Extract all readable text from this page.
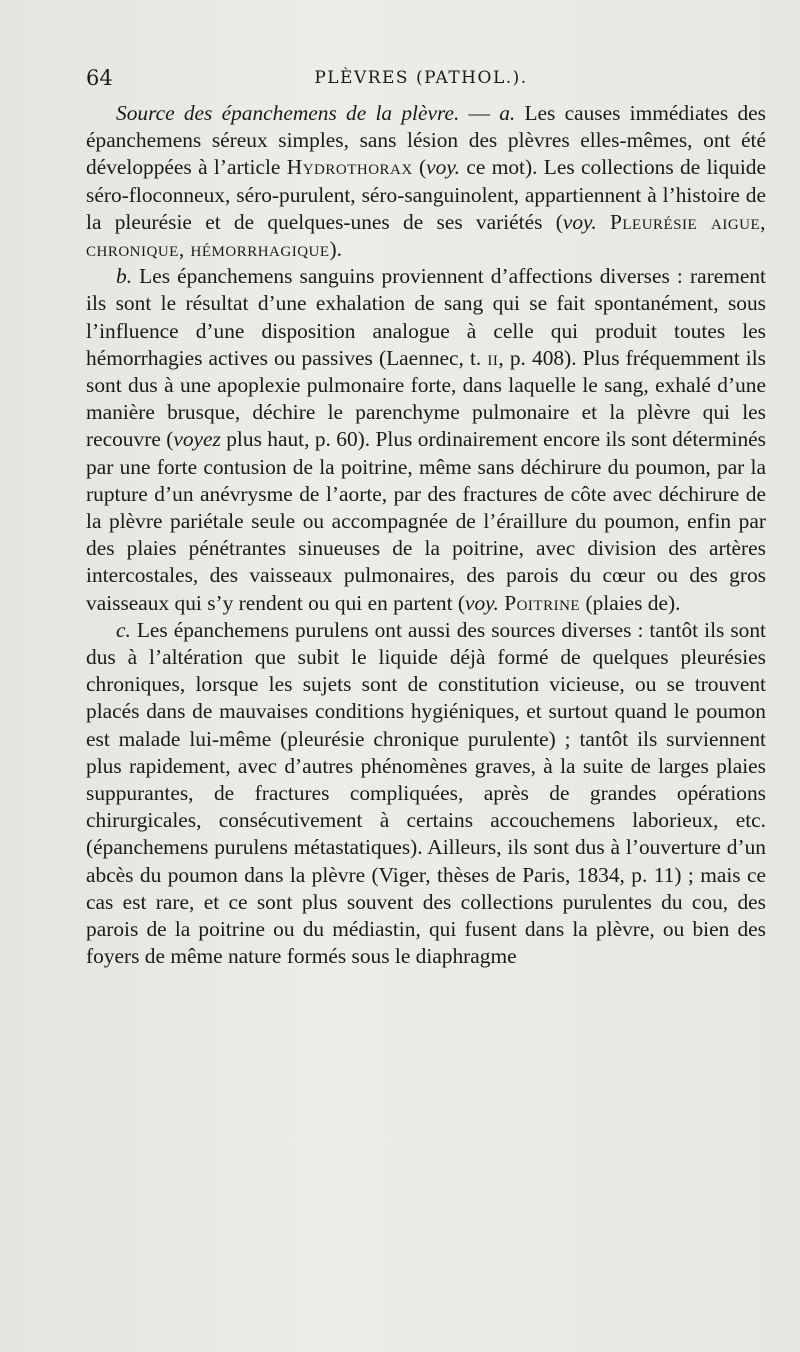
64	PLÈVRES (PATHOL.).

Source des épanchemens de la plèvre. — a. Les causes immédiates des épanchemens séreux simples, sans lésion des plèvres elles-mêmes, ont été développées à l’article Hydrothorax (voy. ce mot). Les collections de liquide séro-floconneux, séro-purulent, séro-sanguinolent, appartiennent à l’histoire de la pleurésie et de quelques-unes de ses variétés (voy. Pleurésie aigue, chronique, hémorrhagique).

b. Les épanchemens sanguins proviennent d’affections diverses : rarement ils sont le résultat d’une exhalation de sang qui se fait spontanément, sous l’influence d’une disposition analogue à celle qui produit toutes les hémorrhagies actives ou passives (Laennec, t. ii, p. 408). Plus fréquemment ils sont dus à une apoplexie pulmonaire forte, dans laquelle le sang, exhalé d’une manière brusque, déchire le parenchyme pulmonaire et la plèvre qui les recouvre (voyez plus haut, p. 60). Plus ordinairement encore ils sont déterminés par une forte contusion de la poitrine, même sans déchirure du poumon, par la rupture d’un anévrysme de l’aorte, par des fractures de côte avec déchirure de la plèvre pariétale seule ou accompagnée de l’éraillure du poumon, enfin par des plaies pénétrantes sinueuses de la poitrine, avec division des artères intercostales, des vaisseaux pulmonaires, des parois du cœur ou des gros vaisseaux qui s’y rendent ou qui en partent (voy. Poitrine (plaies de).

c. Les épanchemens purulens ont aussi des sources diverses : tantôt ils sont dus à l’altération que subit le liquide déjà formé de quelques pleurésies chroniques, lorsque les sujets sont de constitution vicieuse, ou se trouvent placés dans de mauvaises conditions hygiéniques, et surtout quand le poumon est malade lui-même (pleurésie chronique purulente) ; tantôt ils surviennent plus rapidement, avec d’autres phénomènes graves, à la suite de larges plaies suppurantes, de fractures compliquées, après de grandes opérations chirurgicales, consécutivement à certains accouchemens laborieux, etc. (épanchemens purulens métastatiques). Ailleurs, ils sont dus à l’ouverture d’un abcès du poumon dans la plèvre (Viger, thèses de Paris, 1834, p. 11) ; mais ce cas est rare, et ce sont plus souvent des collections purulentes du cou, des parois de la poitrine ou du médiastin, qui fusent dans la plèvre, ou bien des foyers de même nature formés sous le diaphragme
